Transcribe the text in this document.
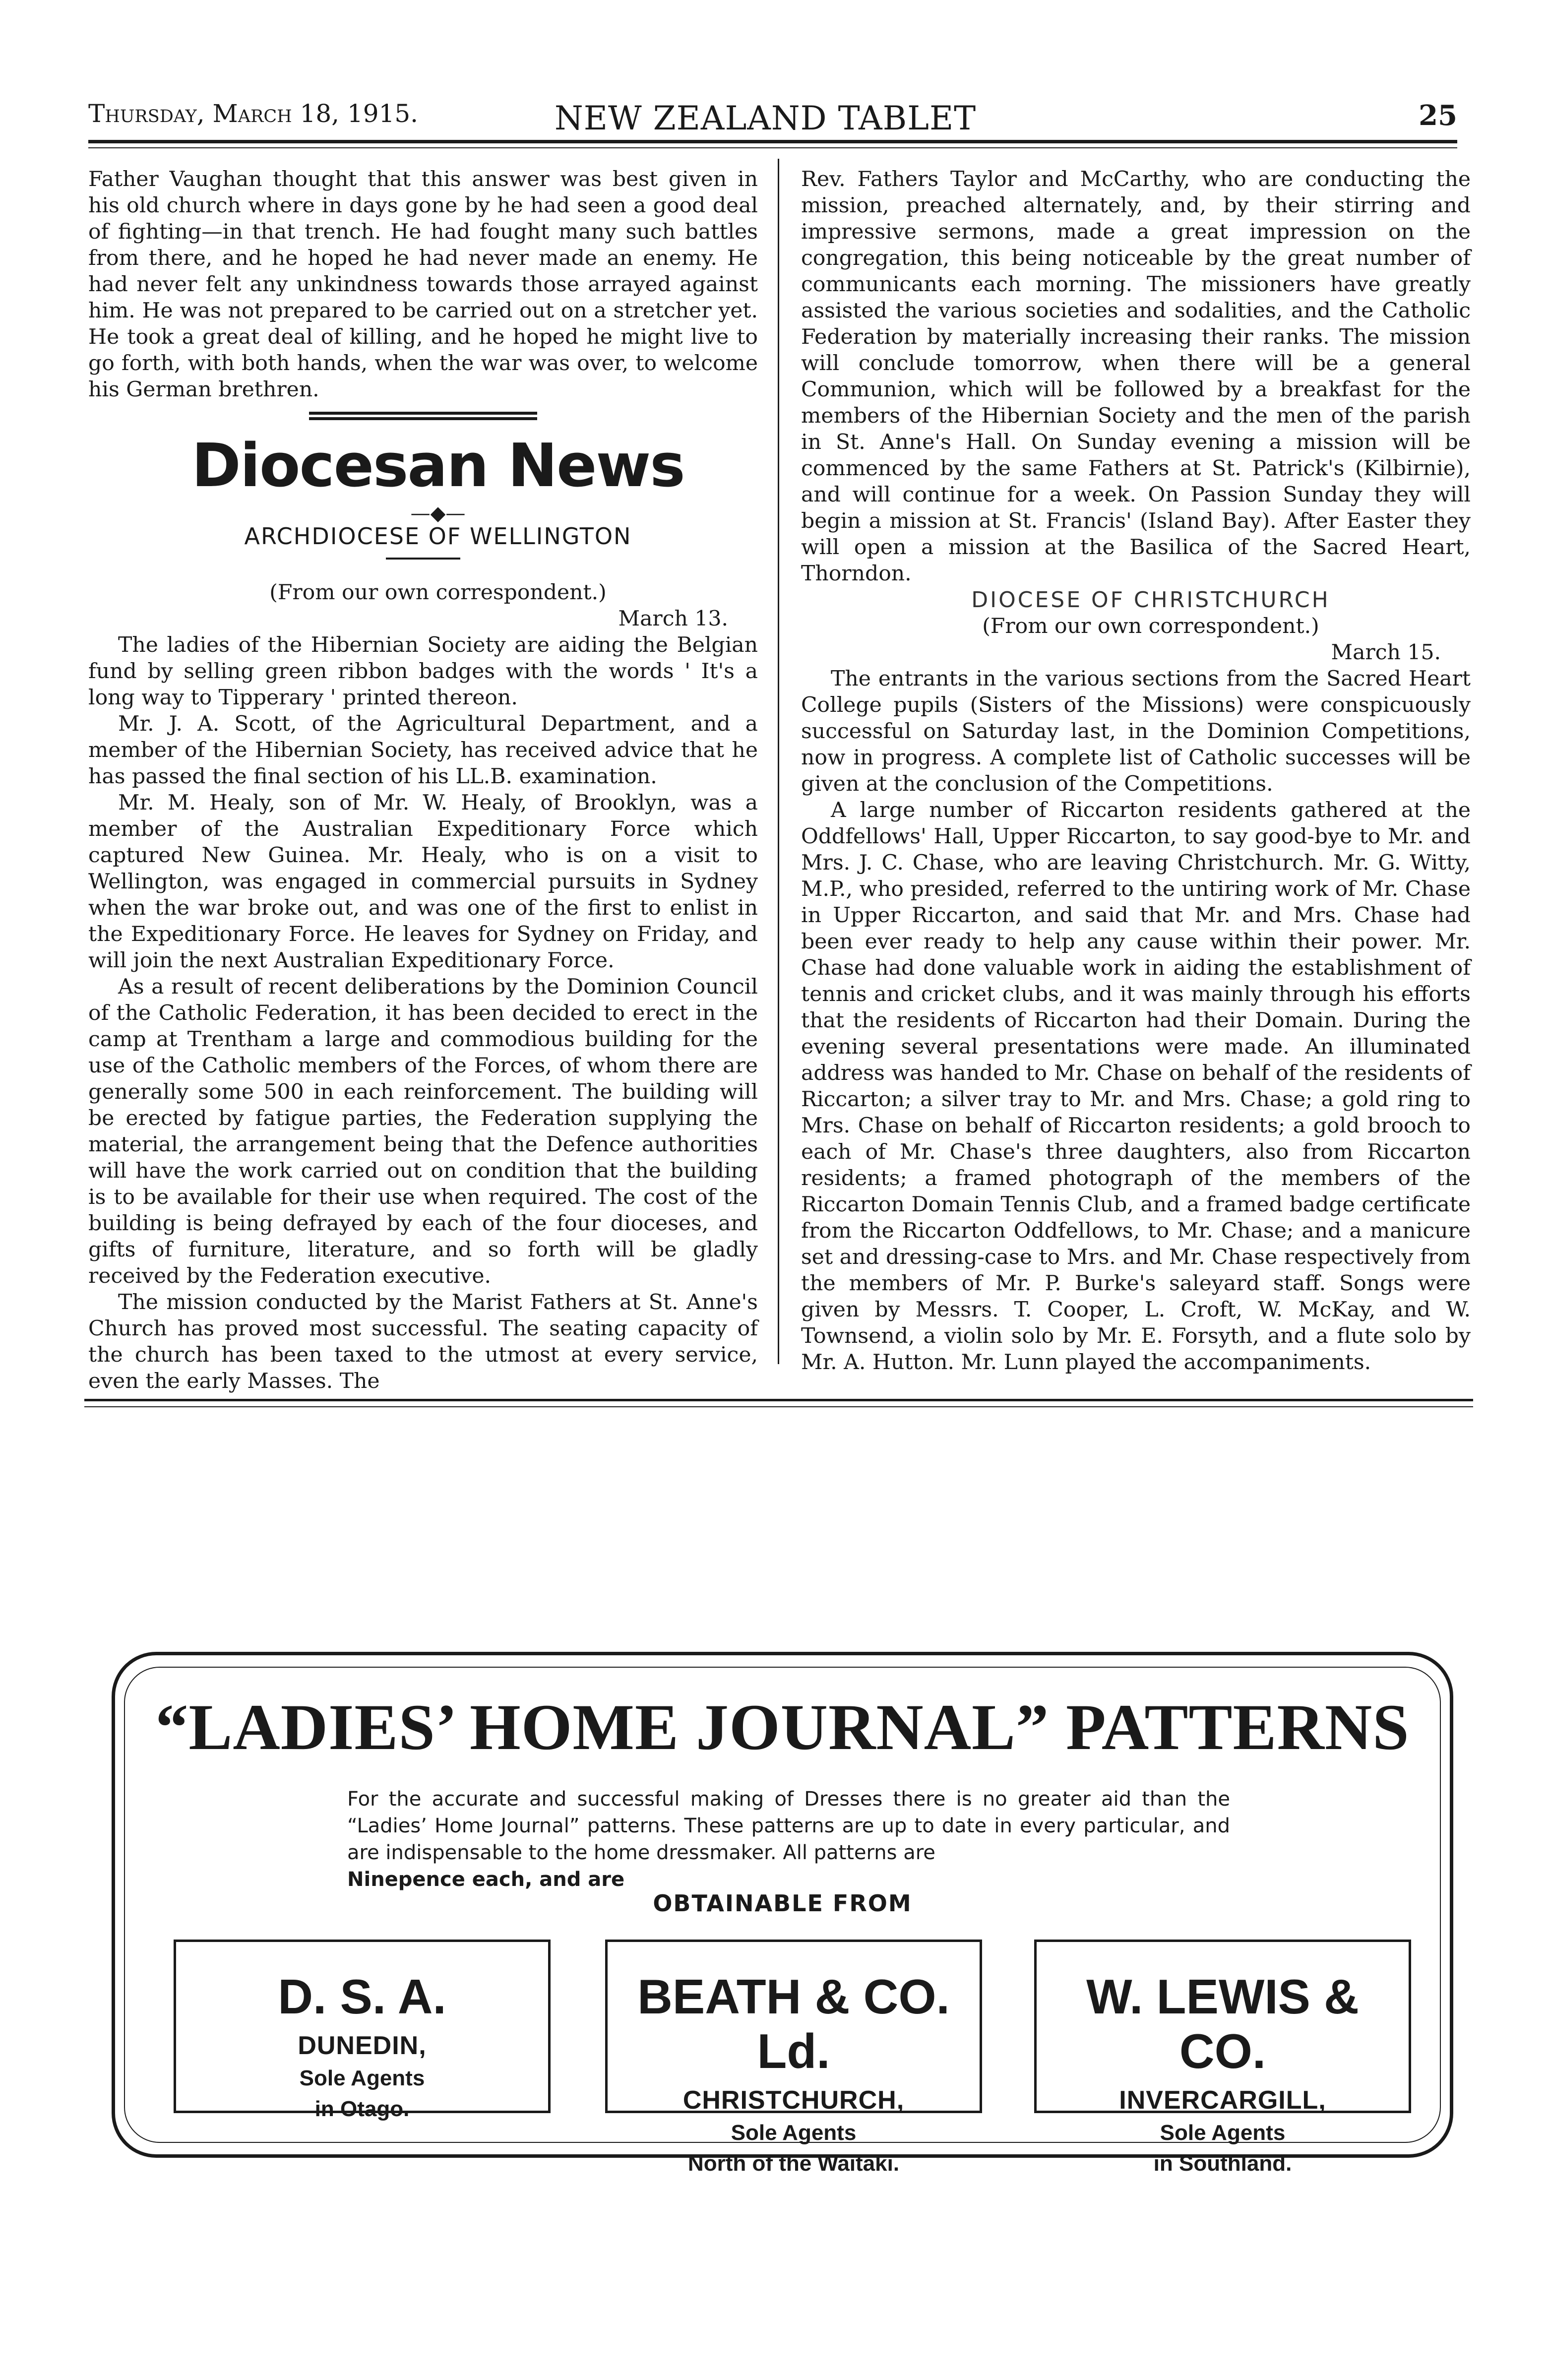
Thursday, March 18, 1915.	NEW ZEALAND TABLET	25

Father Vaughan thought that this answer was best given in his old church where in days gone by he had seen a good deal of fighting—in that trench. He had fought many such battles from there, and he hoped he had never made an enemy. He had never felt any unkindness towards those arrayed against him. He was not prepared to be carried out on a stretcher yet. He took a great deal of killing, and he hoped he might live to go forth, with both hands, when the war was over, to welcome his German brethren.

Diocesan News

—◆—

ARCHDIOCESE OF WELLINGTON

(From our own correspondent.)

March 13.

The ladies of the Hibernian Society are aiding the Belgian fund by selling green ribbon badges with the words ' It's a long way to Tipperary ' printed thereon.

Mr. J. A. Scott, of the Agricultural Department, and a member of the Hibernian Society, has received advice that he has passed the final section of his LL.B. examination.

Mr. M. Healy, son of Mr. W. Healy, of Brooklyn, was a member of the Australian Expeditionary Force which captured New Guinea. Mr. Healy, who is on a visit to Wellington, was engaged in commercial pursuits in Sydney when the war broke out, and was one of the first to enlist in the Expeditionary Force. He leaves for Sydney on Friday, and will join the next Australian Expeditionary Force.

As a result of recent deliberations by the Dominion Council of the Catholic Federation, it has been decided to erect in the camp at Trentham a large and commodious building for the use of the Catholic members of the Forces, of whom there are generally some 500 in each reinforcement. The building will be erected by fatigue parties, the Federation supplying the material, the arrangement being that the Defence authorities will have the work carried out on condition that the building is to be available for their use when required. The cost of the building is being defrayed by each of the four dioceses, and gifts of furniture, literature, and so forth will be gladly received by the Federation executive.

The mission conducted by the Marist Fathers at St. Anne's Church has proved most successful. The seating capacity of the church has been taxed to the utmost at every service, even the early Masses. The

Rev. Fathers Taylor and McCarthy, who are conducting the mission, preached alternately, and, by their stirring and impressive sermons, made a great impression on the congregation, this being noticeable by the great number of communicants each morning. The missioners have greatly assisted the various societies and sodalities, and the Catholic Federation by materially increasing their ranks. The mission will conclude tomorrow, when there will be a general Communion, which will be followed by a breakfast for the members of the Hibernian Society and the men of the parish in St. Anne's Hall. On Sunday evening a mission will be commenced by the same Fathers at St. Patrick's (Kilbirnie), and will continue for a week. On Passion Sunday they will begin a mission at St. Francis' (Island Bay). After Easter they will open a mission at the Basilica of the Sacred Heart, Thorndon.

DIOCESE OF CHRISTCHURCH

(From our own correspondent.)

March 15.

The entrants in the various sections from the Sacred Heart College pupils (Sisters of the Missions) were conspicuously successful on Saturday last, in the Dominion Competitions, now in progress. A complete list of Catholic successes will be given at the conclusion of the Competitions.

A large number of Riccarton residents gathered at the Oddfellows' Hall, Upper Riccarton, to say good-bye to Mr. and Mrs. J. C. Chase, who are leaving Christchurch. Mr. G. Witty, M.P., who presided, referred to the untiring work of Mr. Chase in Upper Riccarton, and said that Mr. and Mrs. Chase had been ever ready to help any cause within their power. Mr. Chase had done valuable work in aiding the establishment of tennis and cricket clubs, and it was mainly through his efforts that the residents of Riccarton had their Domain. During the evening several presentations were made. An illuminated address was handed to Mr. Chase on behalf of the residents of Riccarton; a silver tray to Mr. and Mrs. Chase; a gold ring to Mrs. Chase on behalf of Riccarton residents; a gold brooch to each of Mr. Chase's three daughters, also from Riccarton residents; a framed photograph of the members of the Riccarton Domain Tennis Club, and a framed badge certificate from the Riccarton Oddfellows, to Mr. Chase; and a manicure set and dressing-case to Mrs. and Mr. Chase respectively from the members of Mr. P. Burke's saleyard staff. Songs were given by Messrs. T. Cooper, L. Croft, W. McKay, and W. Townsend, a violin solo by Mr. E. Forsyth, and a flute solo by Mr. A. Hutton. Mr. Lunn played the accompaniments.

“LADIES’ HOME JOURNAL” PATTERNS
For the accurate and successful making of Dresses there is no greater aid than the “Ladies’ Home Journal” patterns. These patterns are up to date in every particular, and are indispensable to the home dressmaker. All patterns are
Ninepence each, and are
OBTAINABLE FROM
D. S. A.
DUNEDIN,
Sole Agents
in Otago.
BEATH & CO. Ld.
CHRISTCHURCH,
Sole Agents
North of the Waitaki.
W. LEWIS & CO.
INVERCARGILL,
Sole Agents
in Southland.
